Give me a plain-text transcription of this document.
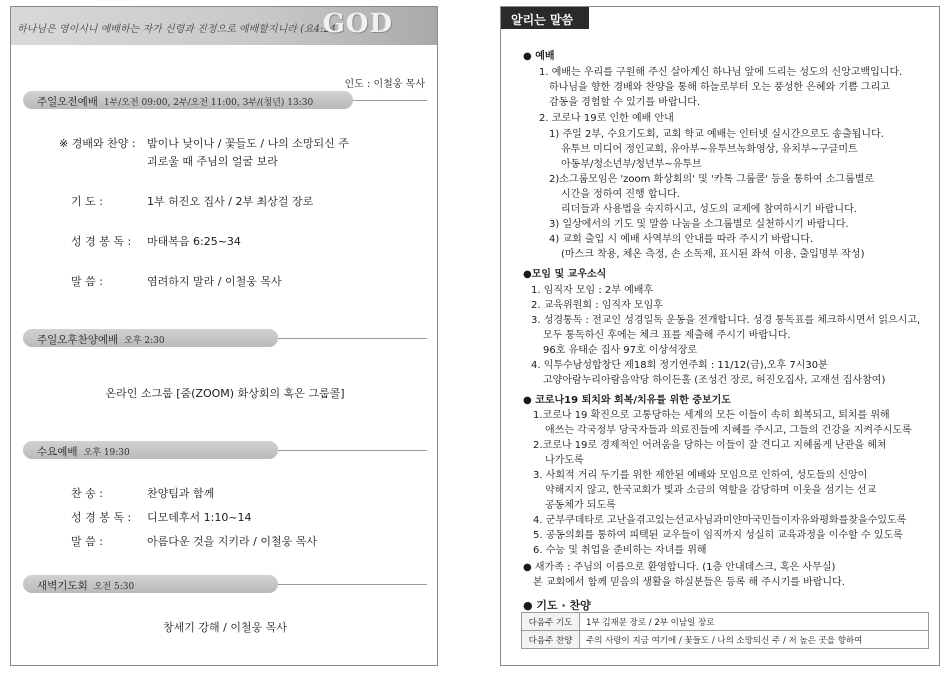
하나님은 영이시니 예배하는 자가 신령과 진정으로 예배할지니라 (요4:24)
GOD
인도 : 이철웅 목사
주일오전예배 1부/오전 09:00, 2부/오전 11:00, 3부/(청년) 13:30
※ 경배와 찬양 :	밤이나 낮이나 / 꽃들도 / 나의 소망되신 주
괴로울 때 주님의 얼굴 보라
기 도 :	1부 허진오 집사 / 2부 최상걸 장로
성 경 봉 독 :	마태복음 6:25~34
말 씀 :	염려하지 말라 / 이철웅 목사
주일오후찬양예배 오후 2:30
온라인 소그룹 [줌(ZOOM) 화상회의 혹은 그룹콜]
수요예배 오후 19:30
찬 송 :	찬양팀과 함께
성 경 봉 독 :	디모데후서 1:10~14
말 씀 :	아름다운 것을 지키라 / 이철웅 목사
새벽기도회 오전 5:30
창세기 강해 / 이철웅 목사
알리는 말씀
● 예배
1. 예배는 우리를 구원해 주신 살아계신 하나님 앞에 드리는 성도의 신앙고백입니다.
하나님을 향한 경배와 찬양을 통해 하늘로부터 오는 풍성한 은혜와 기쁨 그리고
감동을 경험할 수 있기를 바랍니다.
2. 코로나 19로 인한 예배 안내
1) 주일 2부, 수요기도회, 교회 학교 예배는 인터넷 실시간으로도 송출됩니다.
유투브 미디어 정인교회, 유아부~유투브녹화영상, 유치부~구글미트
아동부/청소년부/청년부~유투브
2)소그룹모임은 'zoom 화상회의' 및 '카톡 그룹콜' 등을 통하여 소그룹별로
시간을 정하여 진행 합니다.
리더들과 사용법을 숙지하시고, 성도의 교제에 참여하시기 바랍니다.
3) 일상에서의 기도 및 말씀 나눔을 소그룹별로 실천하시기 바랍니다.
4) 교회 출입 시 예배 사역부의 안내를 따라 주시기 바랍니다.
(마스크 착용, 체온 측정, 손 소독제, 표시된 좌석 이용, 출입명부 작성)
●모임 및 교우소식
1. 임직자 모임 : 2부 예배후
2. 교육위원회 : 임직자 모임후
3. 성경통독 : 전교인 성경일독 운동을 전개합니다. 성경 통독표를 체크하시면서 읽으시고,
모두 통독하신 후에는 체크 표를 제출해 주시기 바랍니다.
96호 유태순 집사 97호 이상석장로
4. 익투수남성합창단 제18회 정기연주회 : 11/12(금),오후 7시30분
고양아람누리아람음악당 하이든홀 (조성건 장로, 허진오집사, 고재선 집사참여)
● 코로나19 퇴치와 회복/치유를 위한 중보기도
1.코로나 19 확진으로 고통당하는 세계의 모든 이들이 속히 회복되고, 퇴치를 위해
애쓰는 각국정부 당국자들과 의료진들에 지혜를 주시고, 그들의 건강을 지켜주시도록
2.코로나 19로 경제적인 어려움을 당하는 이들이 잘 견디고 지혜롭게 난관을 헤쳐
나가도록
3. 사회적 거리 두기를 위한 제한된 예배와 모임으로 인하여, 성도들의 신앙이
약해지지 않고, 한국교회가 빛과 소금의 역할을 감당하며 이웃을 섬기는 선교
공동체가 되도록
4. 군부쿠데타로 고난을겪고있는선교사님과미얀마국민들이자유와평화를찾을수있도록
5. 공동의회를 통하여 피택된 교우들이 임직까지 성실히 교육과정을 이수할 수 있도록
6. 수능 및 취업을 준비하는 자녀를 위해
● 새가족 : 주님의 이름으로 환영합니다. (1층 안내데스크, 혹은 사무실)
본 교회에서 함께 믿음의 생활을 하실분들은 등록 해 주시기를 바랍니다.
● 기도 · 찬양
다음주 기도	1부 김재문 장로 / 2부 이남일 장로
다음주 찬양	주의 사랑이 지금 여기에 / 꽃들도 / 나의 소망되신 주 / 저 높은 곳을 향하여
